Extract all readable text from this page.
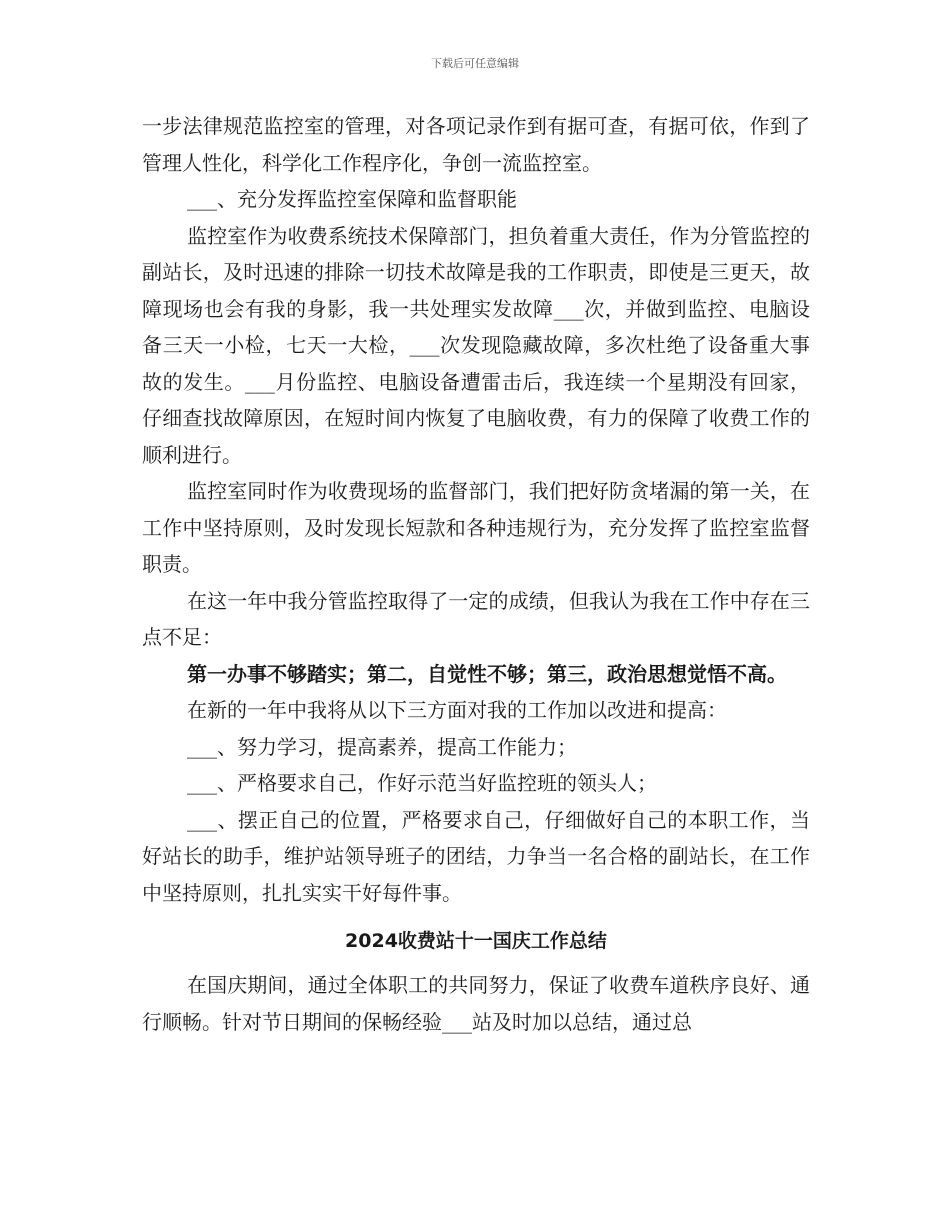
下载后可任意编辑

一步法律规范监控室的管理，对各项记录作到有据可查，有据可依，作到了管理人性化，科学化工作程序化，争创一流监控室。

___、充分发挥监控室保障和监督职能

监控室作为收费系统技术保障部门，担负着重大责任，作为分管监控的副站长，及时迅速的排除一切技术故障是我的工作职责，即使是三更天，故障现场也会有我的身影，我一共处理实发故障___次，并做到监控、电脑设备三天一小检，七天一大检，___次发现隐藏故障，多次杜绝了设备重大事故的发生。___月份监控、电脑设备遭雷击后，我连续一个星期没有回家，仔细查找故障原因，在短时间内恢复了电脑收费，有力的保障了收费工作的顺利进行。

监控室同时作为收费现场的监督部门，我们把好防贪堵漏的第一关，在工作中坚持原则，及时发现长短款和各种违规行为，充分发挥了监控室监督职责。

在这一年中我分管监控取得了一定的成绩，但我认为我在工作中存在三点不足：

第一办事不够踏实；第二，自觉性不够；第三，政治思想觉悟不高。

在新的一年中我将从以下三方面对我的工作加以改进和提高：

___、努力学习，提高素养，提高工作能力；

___、严格要求自己，作好示范当好监控班的领头人；

___、摆正自己的位置，严格要求自己，仔细做好自己的本职工作，当好站长的助手，维护站领导班子的团结，力争当一名合格的副站长，在工作中坚持原则，扎扎实实干好每件事。

2024收费站十一国庆工作总结

在国庆期间，通过全体职工的共同努力，保证了收费车道秩序良好、通行顺畅。针对节日期间的保畅经验___站及时加以总结，通过总
